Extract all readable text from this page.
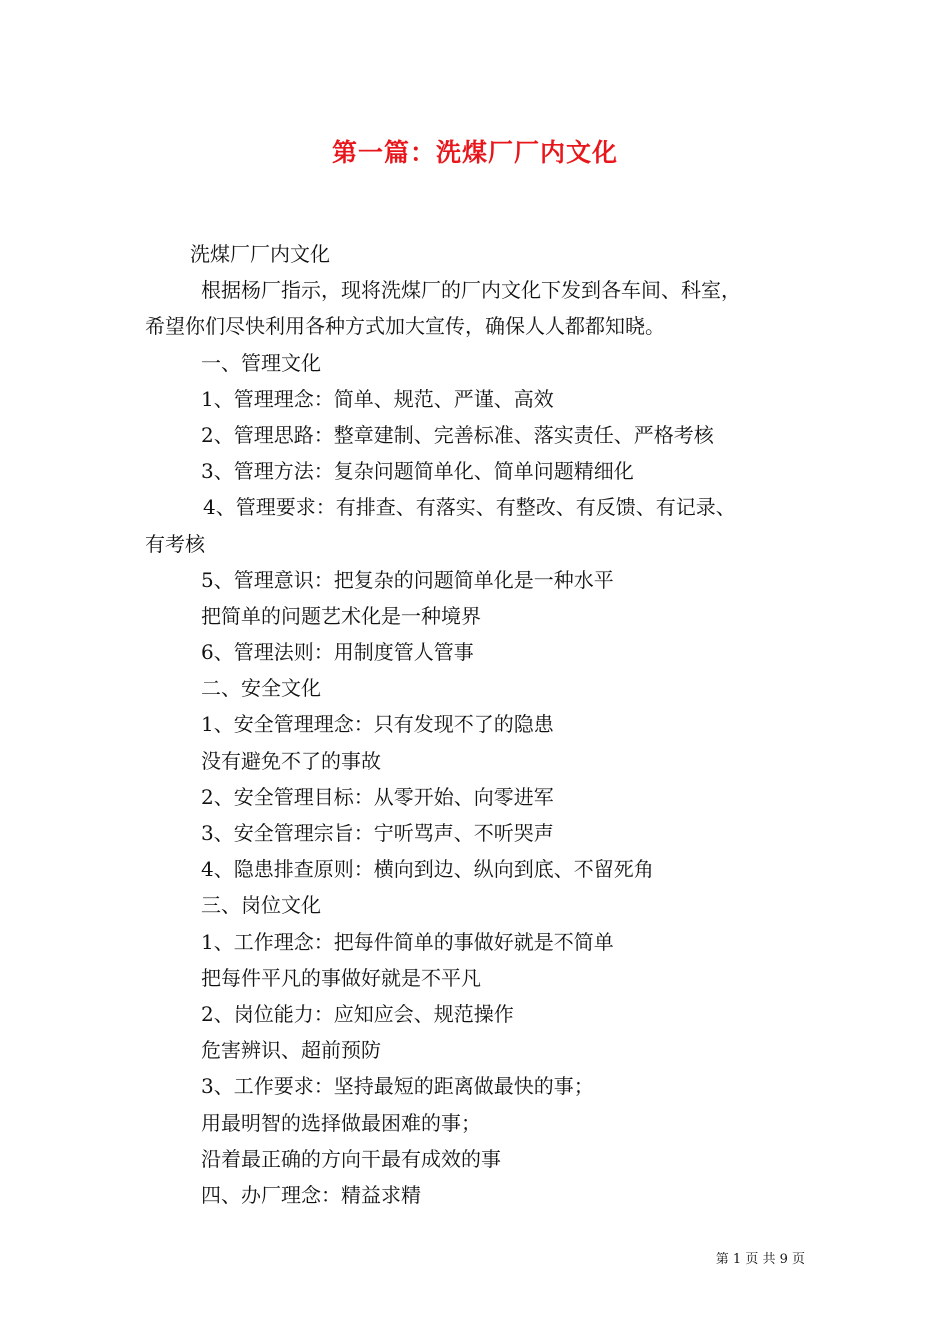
第一篇：洗煤厂厂内文化
洗煤厂厂内文化
根据杨厂指示，现将洗煤厂的厂内文化下发到各车间、科室，
希望你们尽快利用各种方式加大宣传，确保人人都都知晓。
一、管理文化
1、管理理念：简单、规范、严谨、高效
2、管理思路：整章建制、完善标准、落实责任、严格考核
3、管理方法：复杂问题简单化、简单问题精细化
4、管理要求：有排查、有落实、有整改、有反馈、有记录、
有考核
5、管理意识：把复杂的问题简单化是一种水平
把简单的问题艺术化是一种境界
6、管理法则：用制度管人管事
二、安全文化
1、安全管理理念：只有发现不了的隐患
没有避免不了的事故
2、安全管理目标：从零开始、向零进军
3、安全管理宗旨：宁听骂声、不听哭声
4、隐患排查原则：横向到边、纵向到底、不留死角
三、岗位文化
1、工作理念：把每件简单的事做好就是不简单
把每件平凡的事做好就是不平凡
2、岗位能力：应知应会、规范操作
危害辨识、超前预防
3、工作要求：坚持最短的距离做最快的事；
用最明智的选择做最困难的事；
沿着最正确的方向干最有成效的事
四、办厂理念：精益求精
第 1 页 共 9 页
